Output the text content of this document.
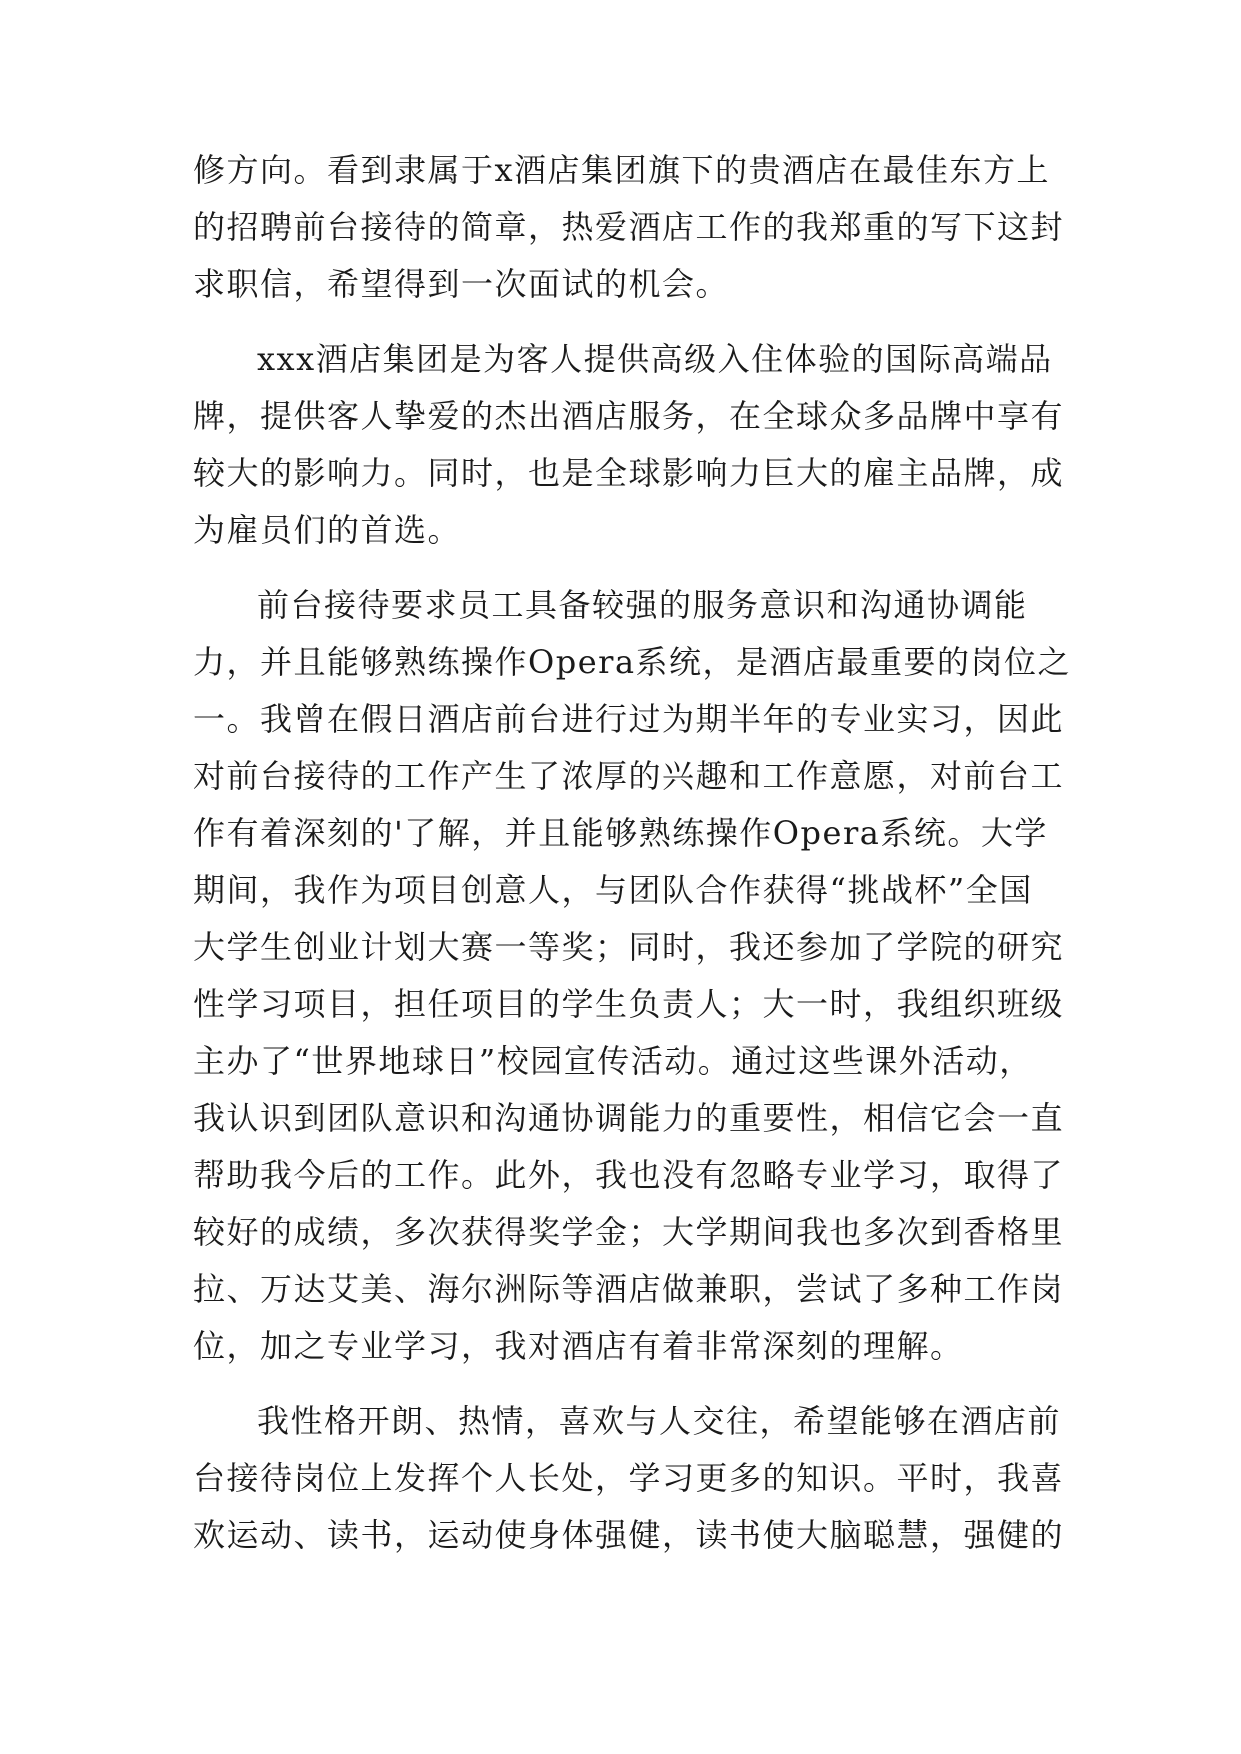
修方向。看到隶属于x酒店集团旗下的贵酒店在最佳东方上
的招聘前台接待的简章，热爱酒店工作的我郑重的写下这封
求职信，希望得到一次面试的机会。
xxx酒店集团是为客人提供高级入住体验的国际高端品
牌，提供客人挚爱的杰出酒店服务，在全球众多品牌中享有
较大的影响力。同时，也是全球影响力巨大的雇主品牌，成
为雇员们的首选。
前台接待要求员工具备较强的服务意识和沟通协调能
力，并且能够熟练操作Opera系统，是酒店最重要的岗位之
一。我曾在假日酒店前台进行过为期半年的专业实习，因此
对前台接待的工作产生了浓厚的兴趣和工作意愿，对前台工
作有着深刻的'了解，并且能够熟练操作Opera系统。大学
期间，我作为项目创意人，与团队合作获得“挑战杯”全国
大学生创业计划大赛一等奖；同时，我还参加了学院的研究
性学习项目，担任项目的学生负责人；大一时，我组织班级
主办了“世界地球日”校园宣传活动。通过这些课外活动，
我认识到团队意识和沟通协调能力的重要性，相信它会一直
帮助我今后的工作。此外，我也没有忽略专业学习，取得了
较好的成绩，多次获得奖学金；大学期间我也多次到香格里
拉、万达艾美、海尔洲际等酒店做兼职，尝试了多种工作岗
位，加之专业学习，我对酒店有着非常深刻的理解。
我性格开朗、热情，喜欢与人交往，希望能够在酒店前
台接待岗位上发挥个人长处，学习更多的知识。平时，我喜
欢运动、读书，运动使身体强健，读书使大脑聪慧，强健的
